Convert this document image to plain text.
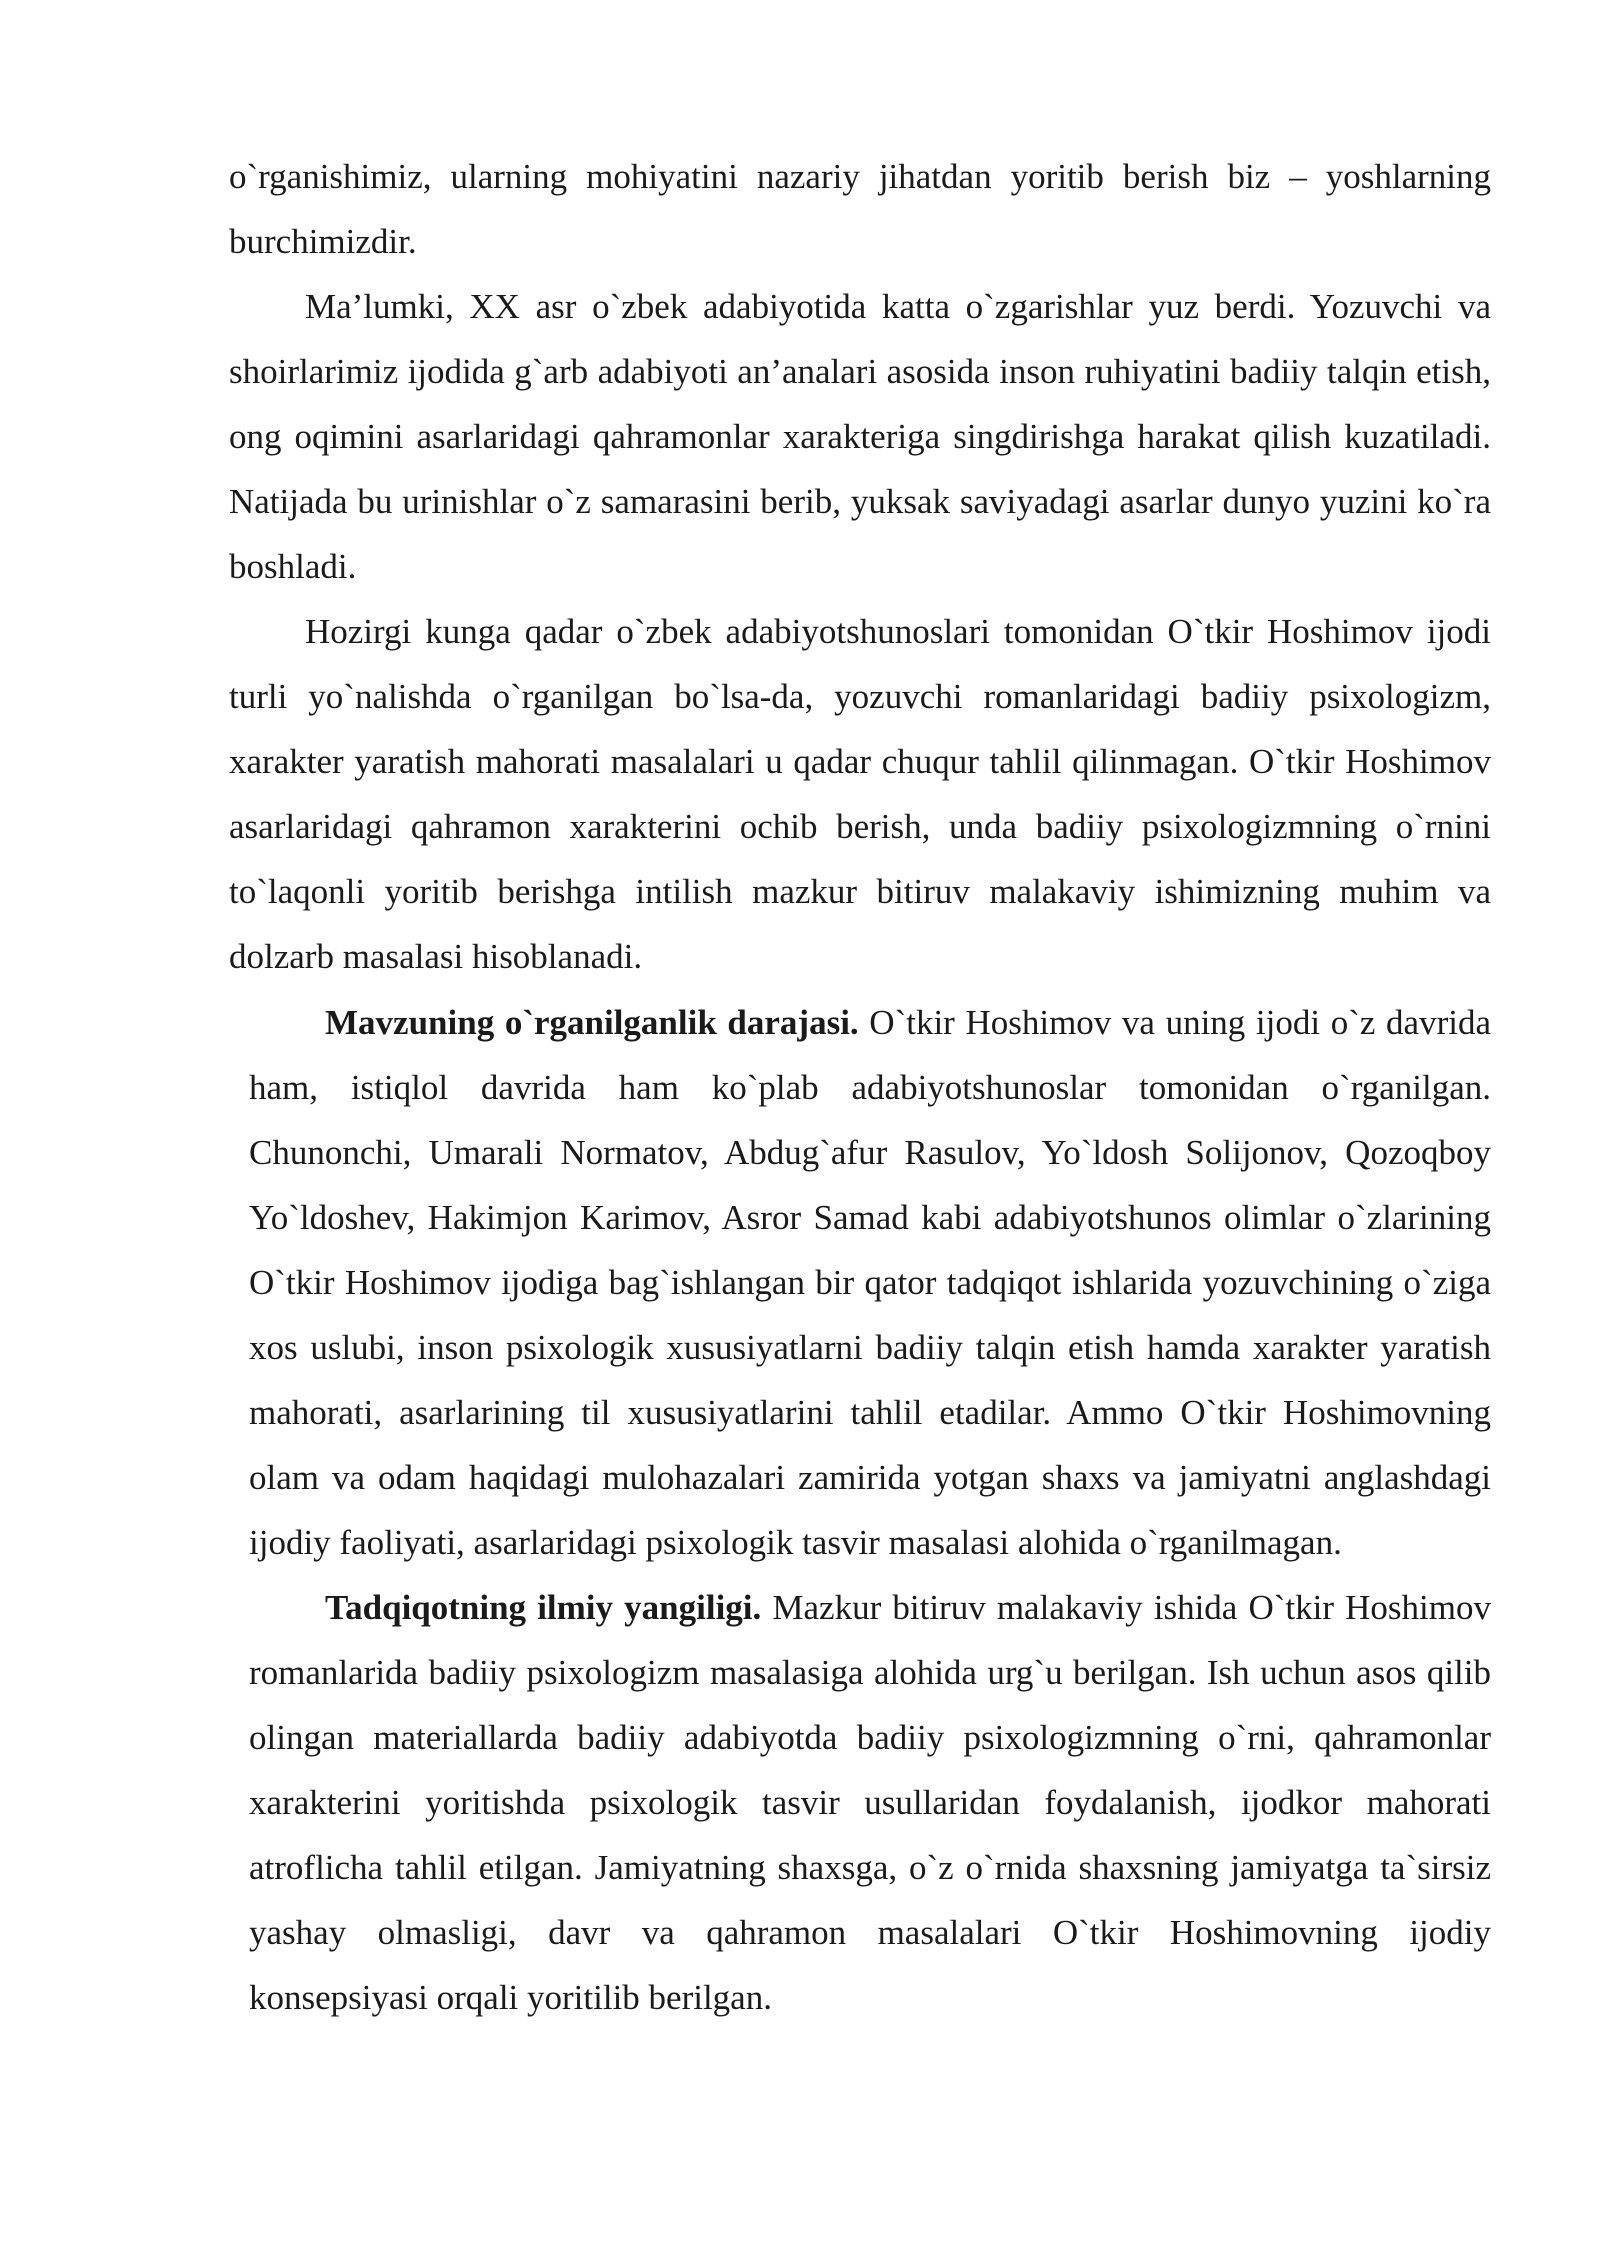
o`rganishimiz, ularning mohiyatini nazariy jihatdan yoritib berish biz – yoshlarning burchimizdir.

Ma’lumki, XX asr o`zbek adabiyotida katta o`zgarishlar yuz berdi. Yozuvchi va shoirlarimiz ijodida g`arb adabiyoti an’analari asosida inson ruhiyatini badiiy talqin etish, ong oqimini asarlaridagi qahramonlar xarakteriga singdirishga harakat qilish kuzatiladi. Natijada bu urinishlar o`z samarasini berib, yuksak saviyadagi asarlar dunyo yuzini ko`ra boshladi.

Hozirgi kunga qadar o`zbek adabiyotshunoslari tomonidan O`tkir Hoshimov ijodi turli yo`nalishda o`rganilgan bo`lsa-da, yozuvchi romanlaridagi badiiy psixologizm, xarakter yaratish mahorati masalalari u qadar chuqur tahlil qilinmagan. O`tkir Hoshimov asarlaridagi qahramon xarakterini ochib berish, unda badiiy psixologizmning o`rnini to`laqonli yoritib berishga intilish mazkur bitiruv malakaviy ishimizning muhim va dolzarb masalasi hisoblanadi.

Mavzuning o`rganilganlik darajasi. O`tkir Hoshimov va uning ijodi o`z davrida ham, istiqlol davrida ham ko`plab adabiyotshunoslar tomonidan o`rganilgan. Chunonchi, Umarali Normatov, Abdug`afur Rasulov, Yo`ldosh Solijonov, Qozoqboy Yo`ldoshev, Hakimjon Karimov, Asror Samad kabi adabiyotshunos olimlar o`zlarining O`tkir Hoshimov ijodiga bag`ishlangan bir qator tadqiqot ishlarida yozuvchining o`ziga xos uslubi, inson psixologik xususiyatlarni badiiy talqin etish hamda xarakter yaratish mahorati, asarlarining til xususiyatlarini tahlil etadilar. Ammo O`tkir Hoshimovning olam va odam haqidagi mulohazalari zamirida yotgan shaxs va jamiyatni anglashdagi ijodiy faoliyati, asarlaridagi psixologik tasvir masalasi alohida o`rganilmagan.

Tadqiqotning ilmiy yangiligi. Mazkur bitiruv malakaviy ishida O`tkir Hoshimov romanlarida badiiy psixologizm masalasiga alohida urg`u berilgan. Ish uchun asos qilib olingan materiallarda badiiy adabiyotda badiiy psixologizmning o`rni, qahramonlar xarakterini yoritishda psixologik tasvir usullaridan foydalanish, ijodkor mahorati atroflicha tahlil etilgan. Jamiyatning shaxsga, o`z o`rnida shaxsning jamiyatga ta`sirsiz yashay olmasligi, davr va qahramon masalalari O`tkir Hoshimovning ijodiy konsepsiyasi orqali yoritilib berilgan.
